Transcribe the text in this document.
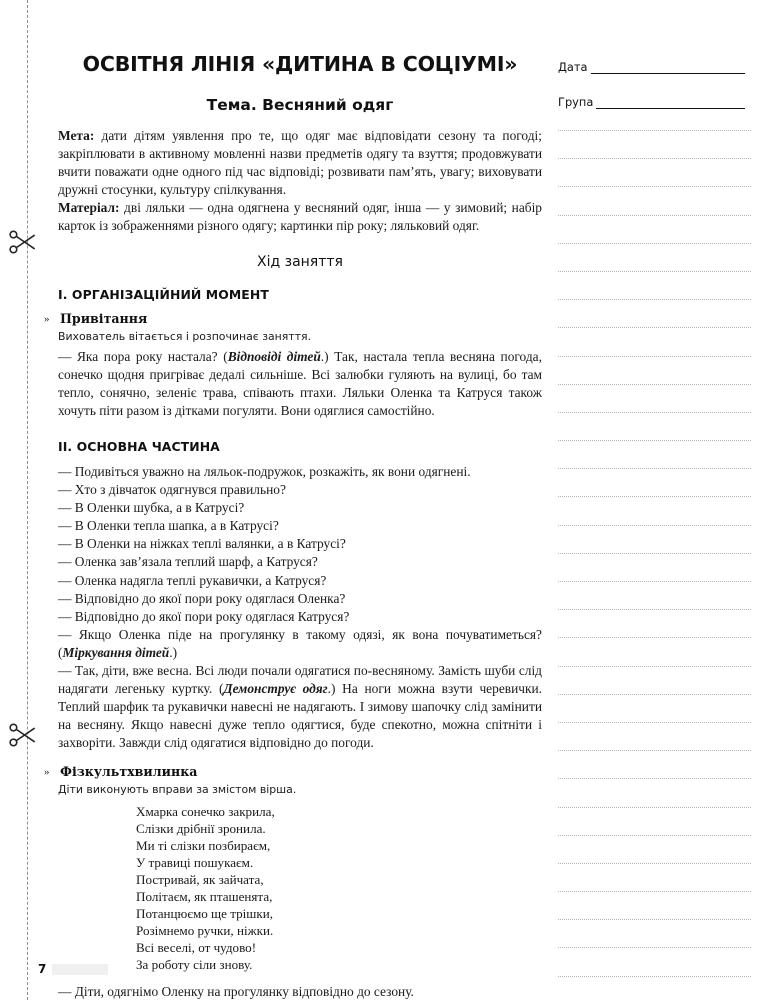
ОСВІТНЯ ЛІНІЯ «ДИТИНА В СОЦІУМІ»
Тема. Весняний одяг

Мета: дати дітям уявлення про те, що одяг має відповідати сезону та погоді; закріплювати в активному мовленні назви предметів одягу та взуття; продовжувати вчити поважати одне одного під час відповіді; розвивати пам’ять, увагу; виховувати дружні стосунки, культуру спілкування.

Матеріал: дві ляльки — одна одягнена у весняний одяг, інша — у зимовий; набір карток із зображеннями різного одягу; картинки пір року; ляльковий одяг.

Хід заняття
I. ОРГАНІЗАЦІЙНИЙ МОМЕНТ
» Привітання
Вихователь вітається і розпочинає заняття.

— Яка пора року настала? (Відповіді дітей.) Так, настала тепла весняна погода, сонечко щодня пригріває дедалі сильніше. Всі залюбки гуляють на вулиці, бо там тепло, сонячно, зеленіє трава, співають птахи. Ляльки Оленка та Катруся також хочуть піти разом із дітками погуляти. Вони одяглися самостійно.

II. ОСНОВНА ЧАСТИНА

— Подивіться уважно на ляльок-подружок, розкажіть, як вони одягнені.

— Хто з дівчаток одягнувся правильно?

— В Оленки шубка, а в Катрусі?

— В Оленки тепла шапка, а в Катрусі?

— В Оленки на ніжках теплі валянки, а в Катрусі?

— Оленка зав’язала теплий шарф, а Катруся?

— Оленка надягла теплі рукавички, а Катруся?

— Відповідно до якої пори року одяглася Оленка?

— Відповідно до якої пори року одяглася Катруся?

— Якщо Оленка піде на прогулянку в такому одязі, як вона почуватиметься? (Міркування дітей.)

— Так, діти, вже весна. Всі люди почали одягатися по-весняному. Замість шуби слід надягати легеньку куртку. (Демонструє одяг.) На ноги можна взути черевички. Теплий шарфик та рукавички навесні не надягають. І зимову шапочку слід замінити на весняну. Якщо навесні дуже тепло одягтися, буде спекотно, можна спітніти і захворіти. Завжди слід одягатися відповідно до погоди.

» Фізкультхвилинка
Діти виконують вправи за змістом вірша.

Хмарка сонечко закрила,

Слізки дрібнії зронила.

Ми ті слізки позбираєм,

У травиці пошукаєм.

Постривай, як зайчата,

Політаєм, як пташенята,

Потанцюємо ще трішки,

Розімнемо ручки, ніжки.

Всі веселі, от чудово!

За роботу сіли знову.

— Діти, одягнімо Оленку на прогулянку відповідно до сезону.

Дата
Група
7
